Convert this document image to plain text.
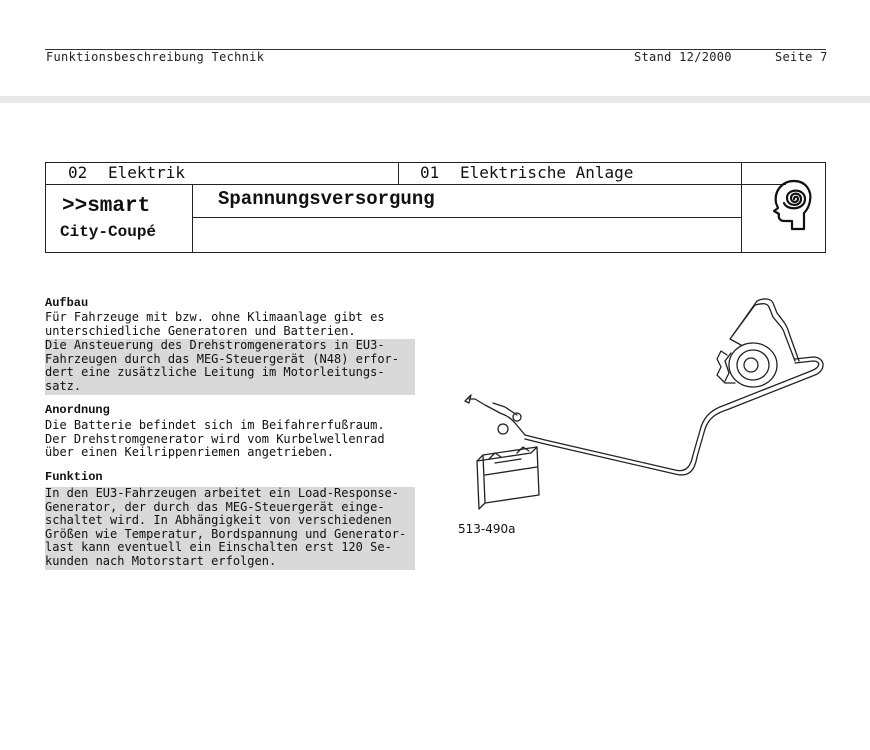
Funktionsbeschreibung Technik	Stand 12/2000	Seite 7
02 Elektrik	01 Elektrische Anlage
>>smart
City-Coupé
Spannungsversorgung
Aufbau
Für Fahrzeuge mit bzw. ohne Klimaanlage gibt es
unterschiedliche Generatoren und Batterien.
Die Ansteuerung des Drehstromgenerators in EU3-
Fahrzeugen durch das MEG-Steuergerät (N48) erfor-
dert eine zusätzliche Leitung im Motorleitungs-
satz.
Anordnung
Die Batterie befindet sich im Beifahrerfußraum.
Der Drehstromgenerator wird vom Kurbelwellenrad
über einen Keilrippenriemen angetrieben.
Funktion
In den EU3-Fahrzeugen arbeitet ein Load-Response-
Generator, der durch das MEG-Steuergerät einge-
schaltet wird. In Abhängigkeit von verschiedenen
Größen wie Temperatur, Bordspannung und Generator-
last kann eventuell ein Einschalten erst 120 Se-
kunden nach Motorstart erfolgen.
513-490a
